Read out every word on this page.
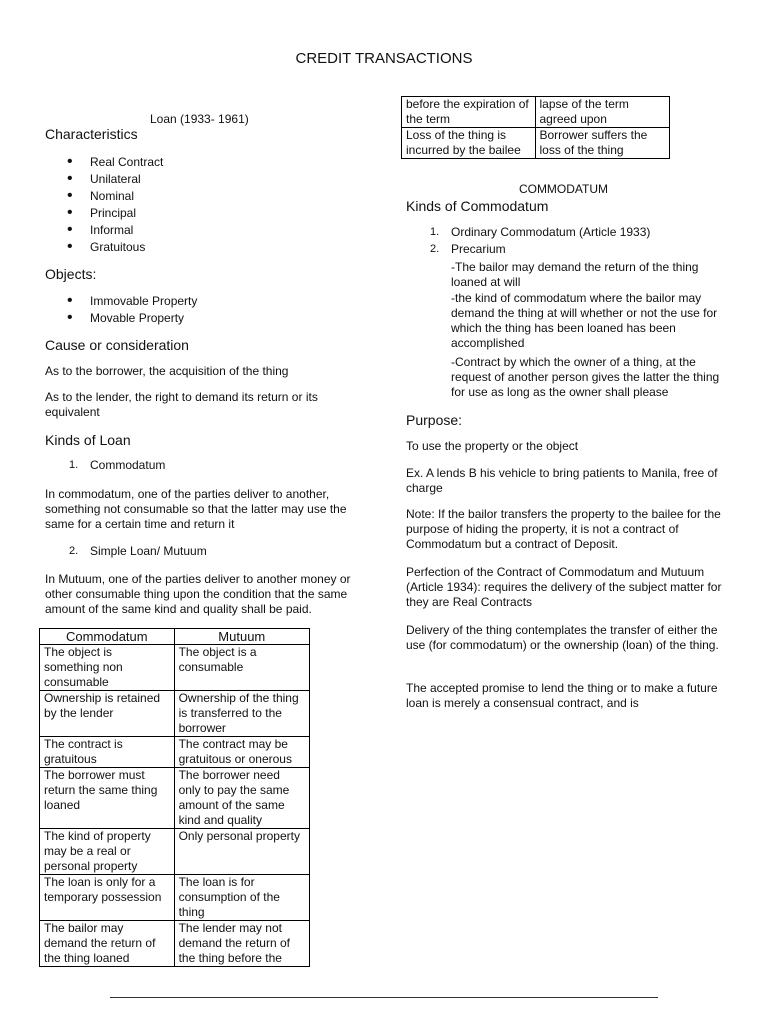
CREDIT TRANSACTIONS
Loan (1933- 1961)
Characteristics
• Real Contract
• Unilateral
• Nominal
• Principal
• Informal
• Gratuitous
Objects:
• Immovable Property
• Movable Property
Cause or consideration

As to the borrower, the acquisition of the thing

As to the lender, the right to demand its return or its equivalent

Kinds of Loan
1. Commodatum

In commodatum, one of the parties deliver to another, something not consumable so that the latter may use the same for a certain time and return it

2. Simple Loan/ Mutuum

In Mutuum, one of the parties deliver to another money or other consumable thing upon the condition that the same amount of the same kind and quality shall be paid.

Commodatum	Mutuum
The object is something non consumable	The object is a consumable
Ownership is retained by the lender	Ownership of the thing is transferred to the borrower
The contract is gratuitous	The contract may be gratuitous or onerous
The borrower must return the same thing loaned	The borrower need only to pay the same amount of the same kind and quality
The kind of property may be a real or personal property	Only personal property
The loan is only for a temporary possession	The loan is for consumption of the thing
The bailor may demand the return of the thing loaned	The lender may not demand the return of the thing before the
before the expiration of the term	lapse of the term agreed upon
Loss of the thing is incurred by the bailee	Borrower suffers the loss of the thing
COMMODATUM
Kinds of Commodatum
1. Ordinary Commodatum (Article 1933)
2. Precarium

-The bailor may demand the return of the thing loaned at will

-the kind of commodatum where the bailor may demand the thing at will whether or not the use for which the thing has been loaned has been accomplished

-Contract by which the owner of a thing, at the request of another person gives the latter the thing for use as long as the owner shall please

Purpose:

To use the property or the object

Ex. A lends B his vehicle to bring patients to Manila, free of charge

Note: If the bailor transfers the property to the bailee for the purpose of hiding the property, it is not a contract of Commodatum but a contract of Deposit.

Perfection of the Contract of Commodatum and Mutuum (Article 1934): requires the delivery of the subject matter for they are Real Contracts

Delivery of the thing contemplates the transfer of either the use (for commodatum) or the ownership (loan) of the thing.

The accepted promise to lend the thing or to make a future loan is merely a consensual contract, and is
